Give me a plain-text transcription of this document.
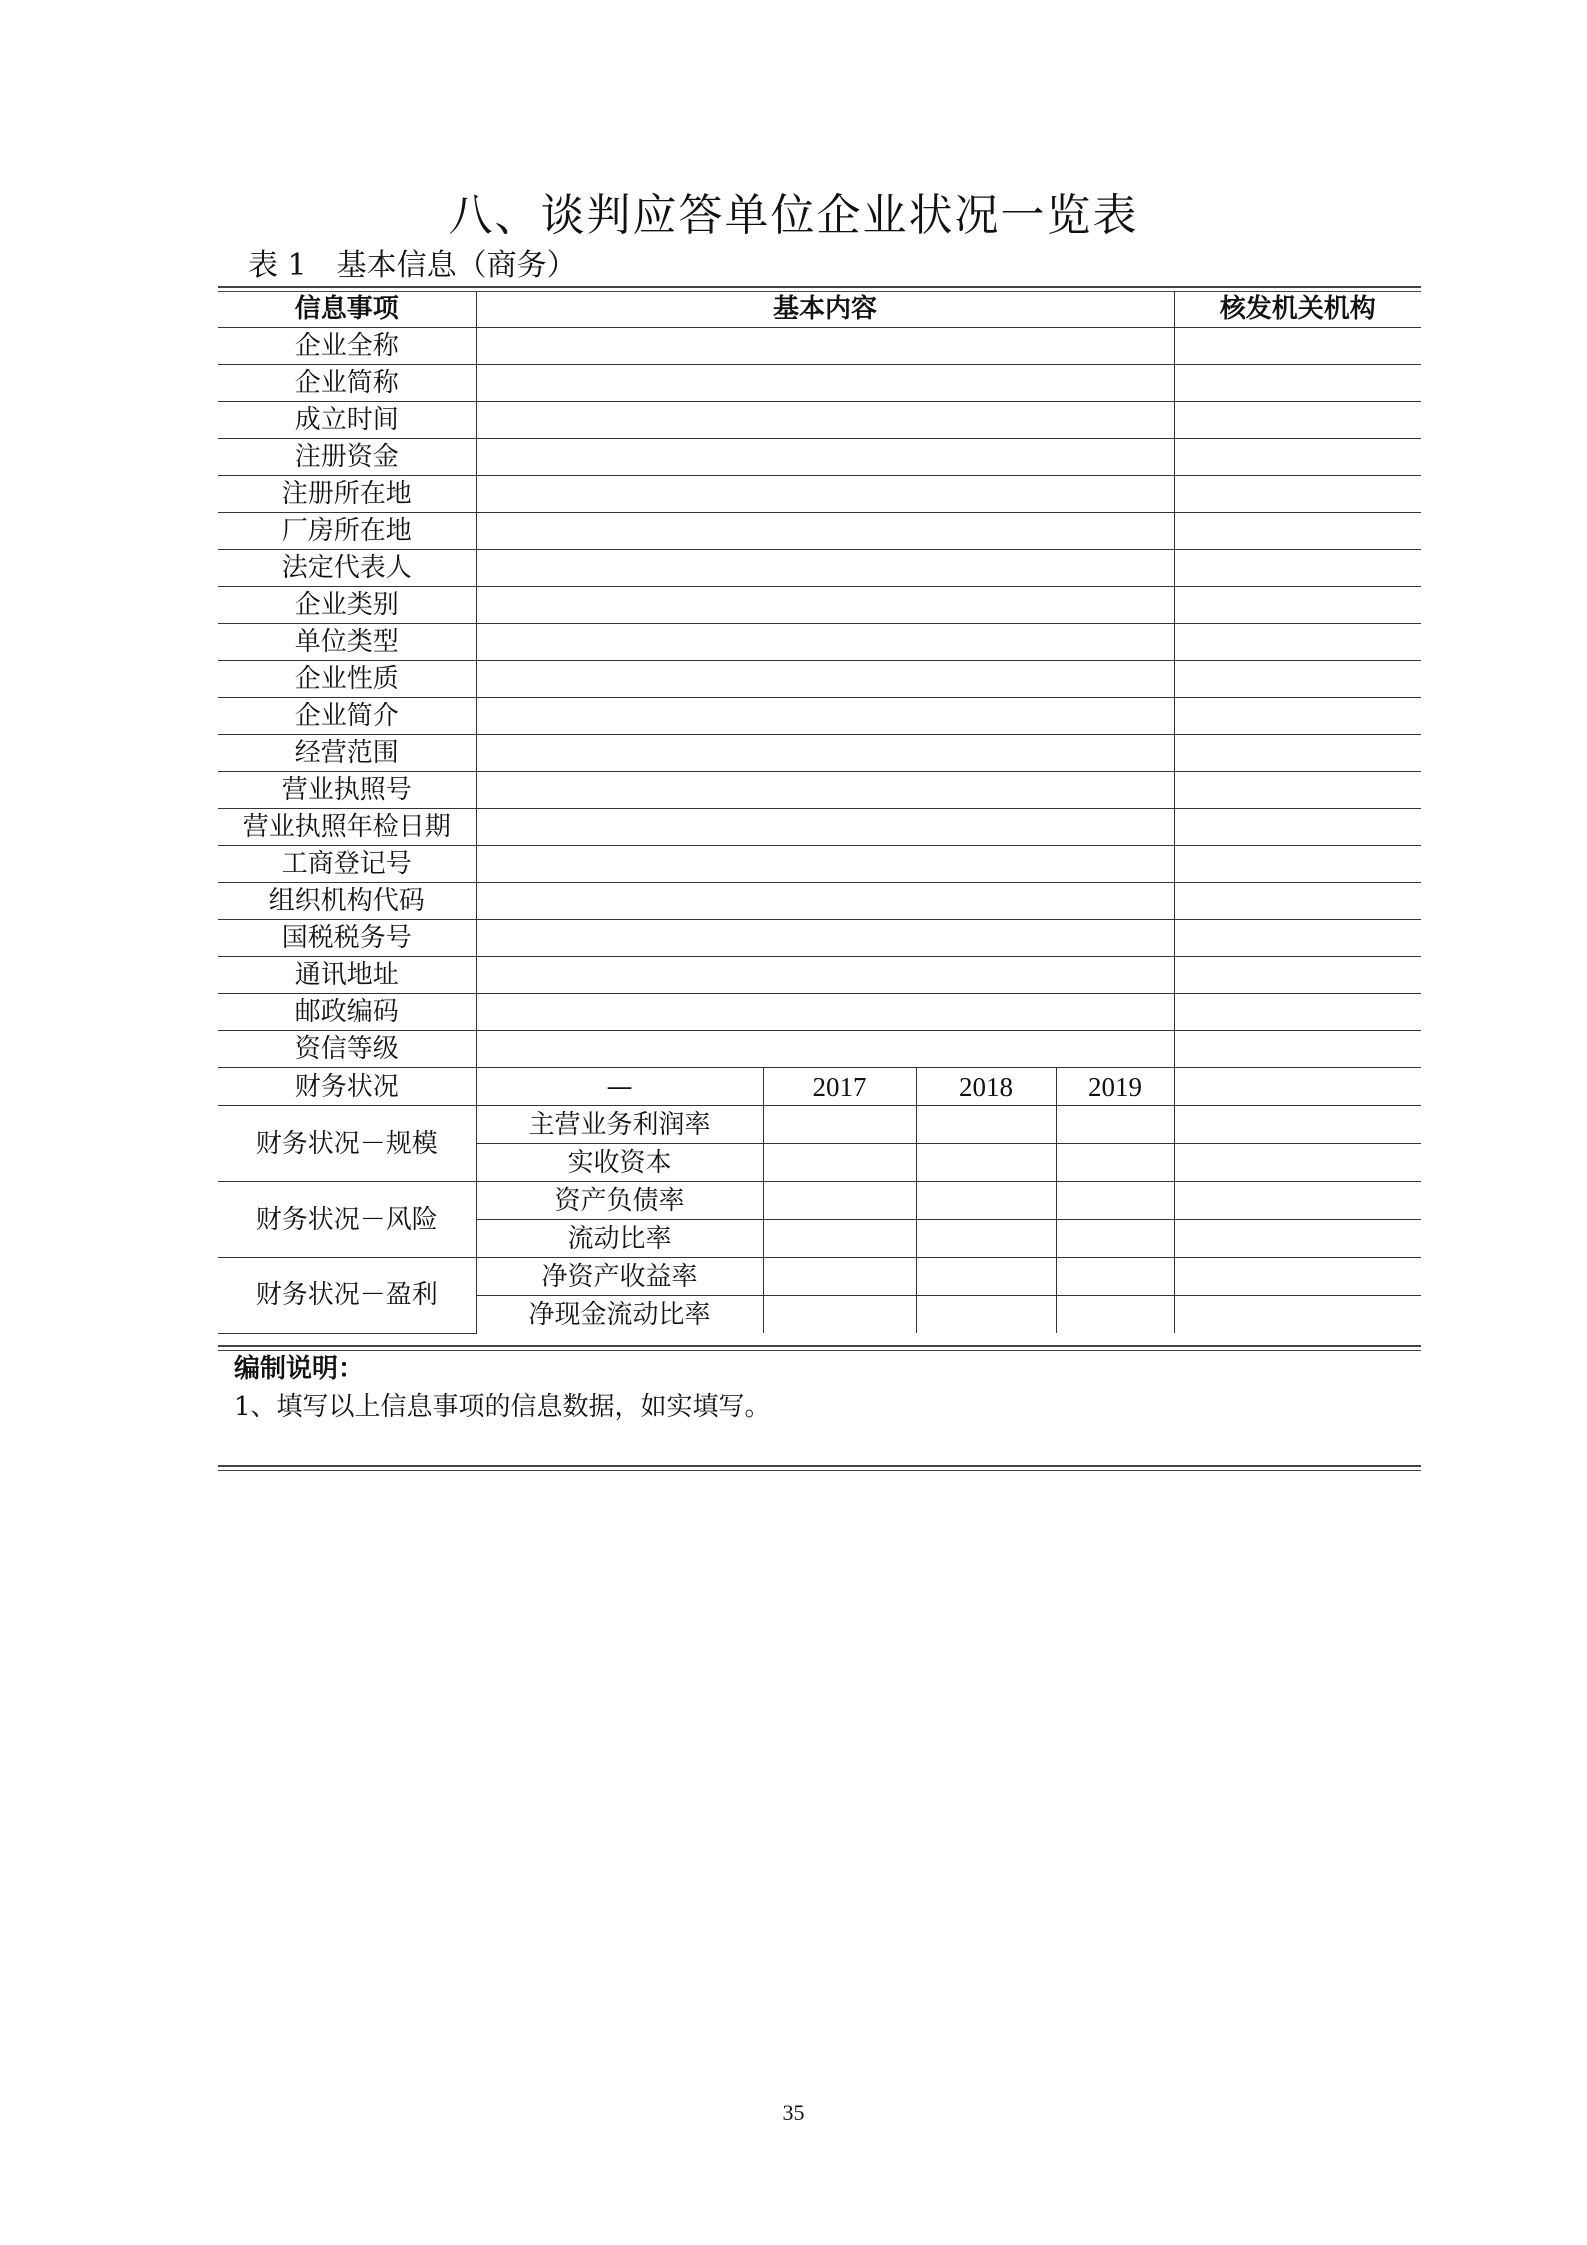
八、谈判应答单位企业状况一览表
表 1　基本信息（商务）
信息事项	基本内容				核发机关机构
企业全称					
企业简称					
成立时间					
注册资金					
注册所在地					
厂房所在地					
法定代表人					
企业类别					
单位类型					
企业性质					
企业简介					
经营范围					
营业执照号					
营业执照年检日期					
工商登记号					
组织机构代码					
国税税务号					
通讯地址					
邮政编码					
资信等级					
财务状况	—	2017	2018	2019	
财务状况－规模	主营业务利润率				
	实收资本				
财务状况－风险	资产负债率				
	流动比率				
财务状况－盈利	净资产收益率				
	净现金流动比率				
编制说明：
1、填写以上信息事项的信息数据，如实填写。
35
